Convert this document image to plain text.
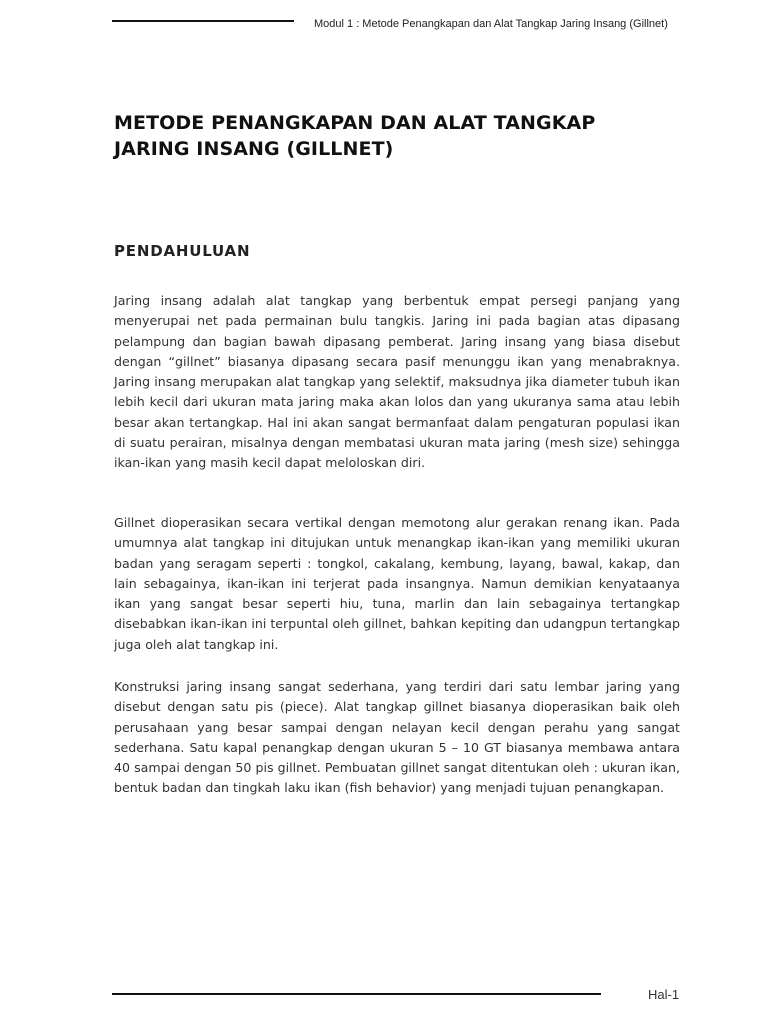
Modul 1 : Metode Penangkapan dan Alat Tangkap Jaring Insang (Gillnet)
METODE PENANGKAPAN DAN ALAT TANGKAP JARING INSANG (GILLNET)
PENDAHULUAN

Jaring insang adalah alat tangkap yang berbentuk empat persegi panjang yang menyerupai net pada permainan bulu tangkis. Jaring ini pada bagian atas dipasang pelampung dan bagian bawah dipasang pemberat. Jaring insang yang biasa disebut dengan “gillnet” biasanya dipasang secara pasif menunggu ikan yang menabraknya. Jaring insang merupakan alat tangkap yang selektif, maksudnya jika diameter tubuh ikan lebih kecil dari ukuran mata jaring maka akan lolos dan yang ukuranya sama atau lebih besar akan tertangkap. Hal ini akan sangat bermanfaat dalam pengaturan populasi ikan di suatu perairan, misalnya dengan membatasi ukuran mata jaring (mesh size) sehingga ikan-ikan yang masih kecil dapat meloloskan diri.

Gillnet dioperasikan secara vertikal dengan memotong alur gerakan renang ikan. Pada umumnya alat tangkap ini ditujukan untuk menangkap ikan-ikan yang memiliki ukuran badan yang seragam seperti : tongkol, cakalang, kembung, layang, bawal, kakap, dan lain sebagainya, ikan-ikan ini terjerat pada insangnya. Namun demikian kenyataanya ikan yang sangat besar seperti hiu, tuna, marlin dan lain sebagainya tertangkap disebabkan ikan-ikan ini terpuntal oleh gillnet, bahkan kepiting dan udangpun tertangkap juga oleh alat tangkap ini.

Konstruksi jaring insang sangat sederhana, yang terdiri dari satu lembar jaring yang disebut dengan satu pis (piece). Alat tangkap gillnet biasanya dioperasikan baik oleh perusahaan yang besar sampai dengan nelayan kecil dengan perahu yang sangat sederhana. Satu kapal penangkap dengan ukuran 5 – 10 GT biasanya membawa antara 40 sampai dengan 50 pis gillnet. Pembuatan gillnet sangat ditentukan oleh : ukuran ikan, bentuk badan dan tingkah laku ikan (fish behavior) yang menjadi tujuan penangkapan.

Hal-1
